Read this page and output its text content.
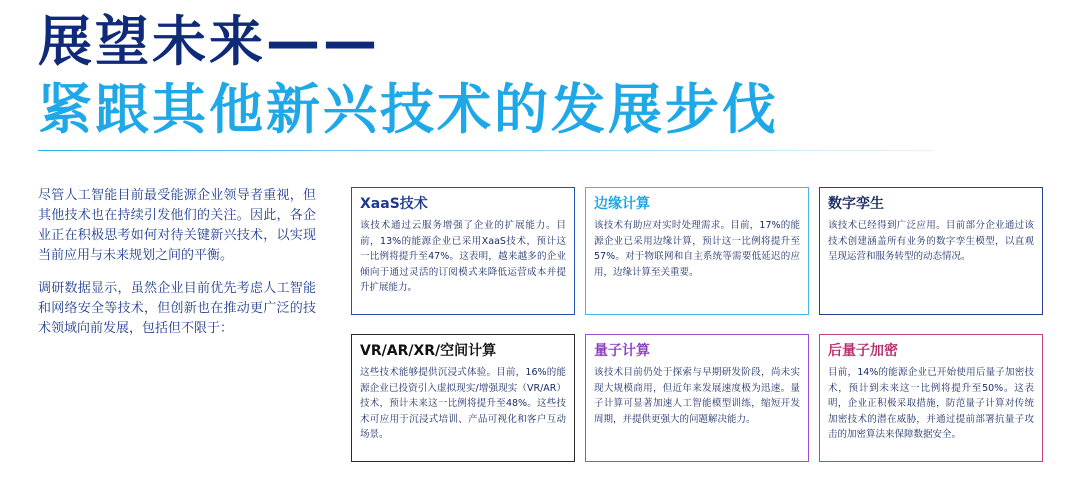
展望未来——
紧跟其他新兴技术的发展步伐

尽管人工智能目前最受能源企业领导者重视，但其他技术也在持续引发他们的关注。因此，各企业正在积极思考如何对待关键新兴技术，以实现当前应用与未来规划之间的平衡。

调研数据显示，虽然企业目前优先考虑人工智能和网络安全等技术，但创新也在推动更广泛的技术领域向前发展，包括但不限于：

XaaS技术

该技术通过云服务增强了企业的扩展能力。目前，13%的能源企业已采用XaaS技术，预计这一比例将提升至47%。这表明，越来越多的企业倾向于通过灵活的订阅模式来降低运营成本并提升扩展能力。

边缘计算

该技术有助应对实时处理需求。目前，17%的能源企业已采用边缘计算，预计这一比例将提升至57%。对于物联网和自主系统等需要低延迟的应用，边缘计算至关重要。

数字孪生

该技术已经得到广泛应用。目前部分企业通过该技术创建涵盖所有业务的数字孪生模型，以直观呈现运营和服务转型的动态情况。

VR/AR/XR/空间计算

这些技术能够提供沉浸式体验。目前，16%的能源企业已投资引入虚拟现实/增强现实（VR/AR）技术，预计未来这一比例将提升至48%。这些技术可应用于沉浸式培训、产品可视化和客户互动场景。

量子计算

该技术目前仍处于探索与早期研发阶段，尚未实现大规模商用，但近年来发展速度极为迅速。量子计算可显著加速人工智能模型训练，缩短开发周期，并提供更强大的问题解决能力。

后量子加密

目前，14%的能源企业已开始使用后量子加密技术，预计到未来这一比例将提升至50%。这表明，企业正积极采取措施，防范量子计算对传统加密技术的潜在威胁，并通过提前部署抗量子攻击的加密算法来保障数据安全。
